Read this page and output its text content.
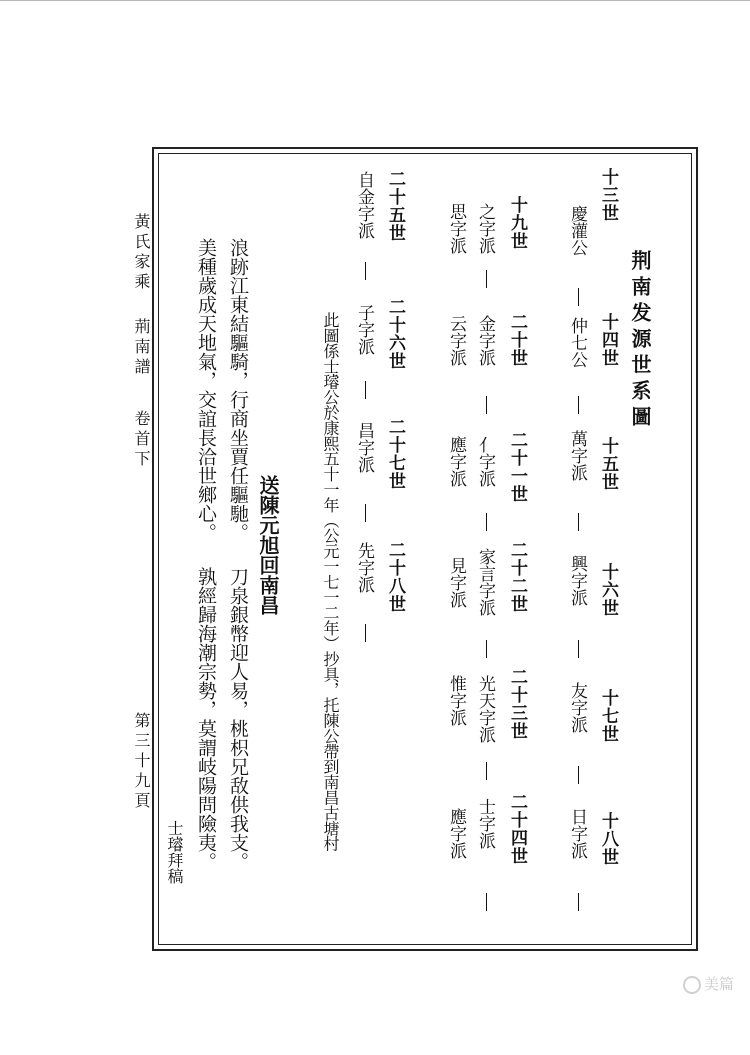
黃氏家乘
荊南譜
卷首下
第三十九頁
荆南发源世系圖
十三世
十四世
十五世
十六世
十七世
十八世
慶灌公
仲七公
萬字派
興字派
友字派
日字派
十九世
二十世
二十一世
二十二世
二十三世
二十四世
之字派
金字派
亻字派
家言字派
光天字派
士字派
思字派
云字派
應字派
見字派
惟字派
應字派
二十五世
二十六世
二十七世
二十八世
自金字派
子字派
昌字派
先字派
此圖係士璿公於康熙五十一年（公元一七一二年）抄具，托陳公帶到南昌古塘村
送陳元旭回南昌
浪跡江東結驅騎，行商坐賈任驅馳。
刀泉銀幣迎人易，桃枳兄敌供我支。
美種歲成天地氣，交誼長洽世鄉心。
孰經歸海潮宗勢，莫謂岐陽問險夷。
士璿拜稿
美篇
